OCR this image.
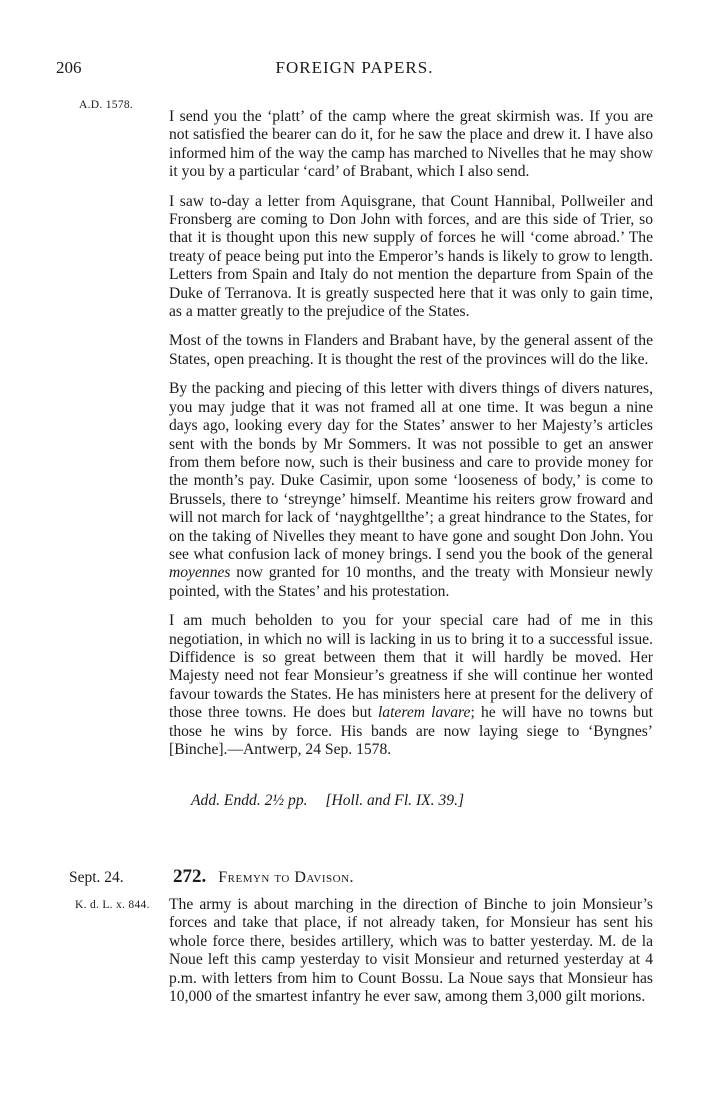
206	FOREIGN PAPERS.
A.D. 1578.

I send you the ‘platt’ of the camp where the great skirmish was. If you are not satisfied the bearer can do it, for he saw the place and drew it. I have also informed him of the way the camp has marched to Nivelles that he may show it you by a particular ‘card’ of Brabant, which I also send.

I saw to-day a letter from Aquisgrane, that Count Hannibal, Pollweiler and Fronsberg are coming to Don John with forces, and are this side of Trier, so that it is thought upon this new supply of forces he will ‘come abroad.’ The treaty of peace being put into the Emperor’s hands is likely to grow to length. Letters from Spain and Italy do not mention the departure from Spain of the Duke of Terranova. It is greatly suspected here that it was only to gain time, as a matter greatly to the prejudice of the States.

Most of the towns in Flanders and Brabant have, by the general assent of the States, open preaching. It is thought the rest of the provinces will do the like.

By the packing and piecing of this letter with divers things of divers natures, you may judge that it was not framed all at one time. It was begun a nine days ago, looking every day for the States’ answer to her Majesty’s articles sent with the bonds by Mr Sommers. It was not possible to get an answer from them before now, such is their business and care to provide money for the month’s pay. Duke Casimir, upon some ‘looseness of body,’ is come to Brussels, there to ‘streynge’ himself. Meantime his reiters grow froward and will not march for lack of ‘nayghtgellthe’; a great hindrance to the States, for on the taking of Nivelles they meant to have gone and sought Don John. You see what confusion lack of money brings. I send you the book of the general moyennes now granted for 10 months, and the treaty with Monsieur newly pointed, with the States’ and his protestation.

I am much beholden to you for your special care had of me in this negotiation, in which no will is lacking in us to bring it to a successful issue. Diffidence is so great between them that it will hardly be moved. Her Majesty need not fear Monsieur’s greatness if she will continue her wonted favour towards the States. He has ministers here at present for the delivery of those three towns. He does but laterem lavare; he will have no towns but those he wins by force. His bands are now laying siege to ‘Byngnes’ [Binche].—Antwerp, 24 Sep. 1578.

Add. Endd. 2½ pp. [Holl. and Fl. IX. 39.]
Sept. 24.	272. Fremyn to Davison.
K. d. L. x. 844. The army is about marching in the direction of Binche to join Monsieur’s forces and take that place, if not already taken, for Monsieur has sent his whole force there, besides artillery, which was to batter yesterday. M. de la Noue left this camp yesterday to visit Monsieur and returned yesterday at 4 p.m. with letters from him to Count Bossu. La Noue says that Monsieur has 10,000 of the smartest infantry he ever saw, among them 3,000 gilt morions.
